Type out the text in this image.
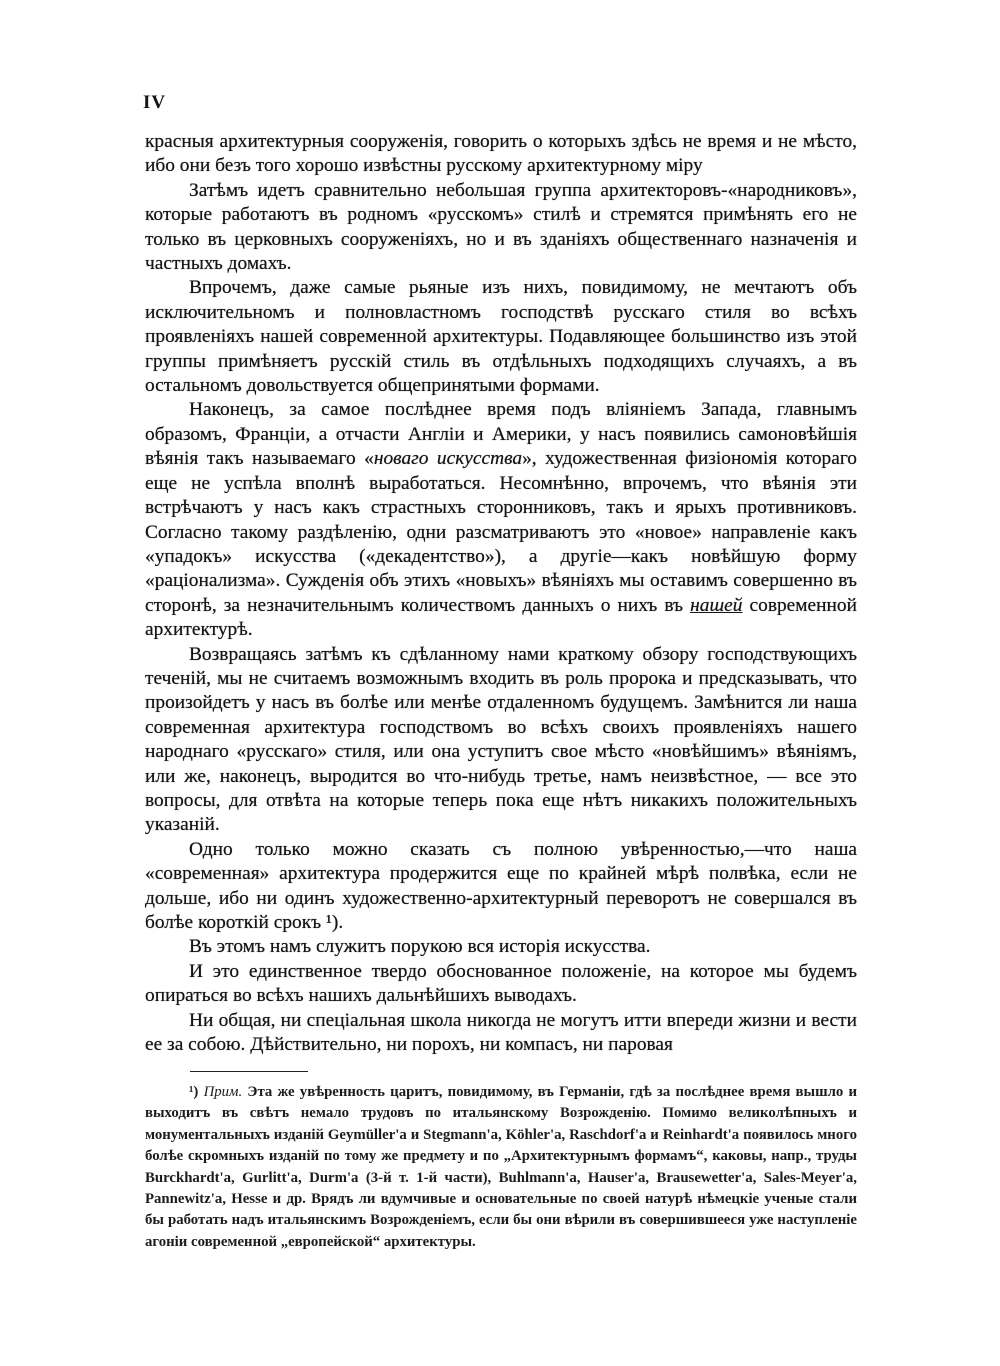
IV

красныя архитектурныя сооруженія, говорить о которыхъ здѣсь не время и не мѣсто, ибо они безъ того хорошо извѣстны русскому архитектурному міру

Затѣмъ идетъ сравнительно небольшая группа архитекторовъ-«народниковъ», которые работаютъ въ родномъ «русскомъ» стилѣ и стремятся примѣнять его не только въ церковныхъ сооруженіяхъ, но и въ зданіяхъ общественнаго назначенія и частныхъ домахъ.

Впрочемъ, даже самые рьяные изъ нихъ, повидимому, не мечтаютъ объ исключительномъ и полновластномъ господствѣ русскаго стиля во всѣхъ проявленіяхъ нашей современной архитектуры. Подавляющее большинство изъ этой группы примѣняетъ русскій стиль въ отдѣльныхъ подходящихъ случаяхъ, а въ остальномъ довольствуется общепринятыми формами.

Наконецъ, за самое послѣднее время подъ вліяніемъ Запада, главнымъ образомъ, Франціи, а отчасти Англіи и Америки, у насъ появились самоновѣйшія вѣянія такъ называемаго «новаго искусства», художественная физіономія котораго еще не успѣла вполнѣ выработаться. Несомнѣнно, впрочемъ, что вѣянія эти встрѣчаютъ у насъ какъ страстныхъ сторонниковъ, такъ и ярыхъ противниковъ. Согласно такому раздѣленію, одни разсматриваютъ это «новое» направленіе какъ «упадокъ» искусства («декадентство»), а другіе—какъ новѣйшую форму «раціонализма». Сужденія объ этихъ «новыхъ» вѣяніяхъ мы оставимъ совершенно въ сторонѣ, за незначительнымъ количествомъ данныхъ о нихъ въ нашей современной архитектурѣ.

Возвращаясь затѣмъ къ сдѣланному нами краткому обзору господствующихъ теченій, мы не считаемъ возможнымъ входить въ роль пророка и предсказывать, что произойдетъ у насъ въ болѣе или менѣе отдаленномъ будущемъ. Замѣнится ли наша современная архитектура господствомъ во всѣхъ своихъ проявленіяхъ нашего народнаго «русскаго» стиля, или она уступитъ свое мѣсто «новѣйшимъ» вѣяніямъ, или же, наконецъ, выродится во что-нибудь третье, намъ неизвѣстное, — все это вопросы, для отвѣта на которые теперь пока еще нѣтъ никакихъ положительныхъ указаній.

Одно только можно сказать съ полною увѣренностью,—что наша «современная» архитектура продержится еще по крайней мѣрѣ полвѣка, если не дольше, ибо ни одинъ художественно-архитектурный переворотъ не совершался въ болѣе короткій срокъ ¹).

Въ этомъ намъ служитъ порукою вся исторія искусства.

И это единственное твердо обоснованное положеніе, на которое мы будемъ опираться во всѣхъ нашихъ дальнѣйшихъ выводахъ.

Ни общая, ни спеціальная школа никогда не могутъ итти впереди жизни и вести ее за собою. Дѣйствительно, ни порохъ, ни компасъ, ни паровая

¹) Прим. Эта же увѣренность царитъ, повидимому, въ Германіи, гдѣ за послѣднее время вышло и выходитъ въ свѣтъ немало трудовъ по итальянскому Возрожденію. Помимо великолѣпныхъ и монументальныхъ изданій Geymüller'а и Stegmann'а, Köhler'а, Raschdorf'а и Reinhardt'а появилось много болѣе скромныхъ изданій по тому же предмету и по „Архитектурнымъ формамъ“, каковы, напр., труды Burckhardt'а, Gurlitt'а, Durm'а (3-й т. 1-й части), Buhlmann'а, Hauser'а, Brausewetter'а, Sales-Meyer'а, Pannewitz'а, Hesse и др. Врядъ ли вдумчивые и основательные по своей натурѣ нѣмецкіе ученые стали бы работать надъ итальянскимъ Возрожденіемъ, если бы они вѣрили въ совершившееся уже наступленіе агоніи современной „европейской“ архитектуры.
